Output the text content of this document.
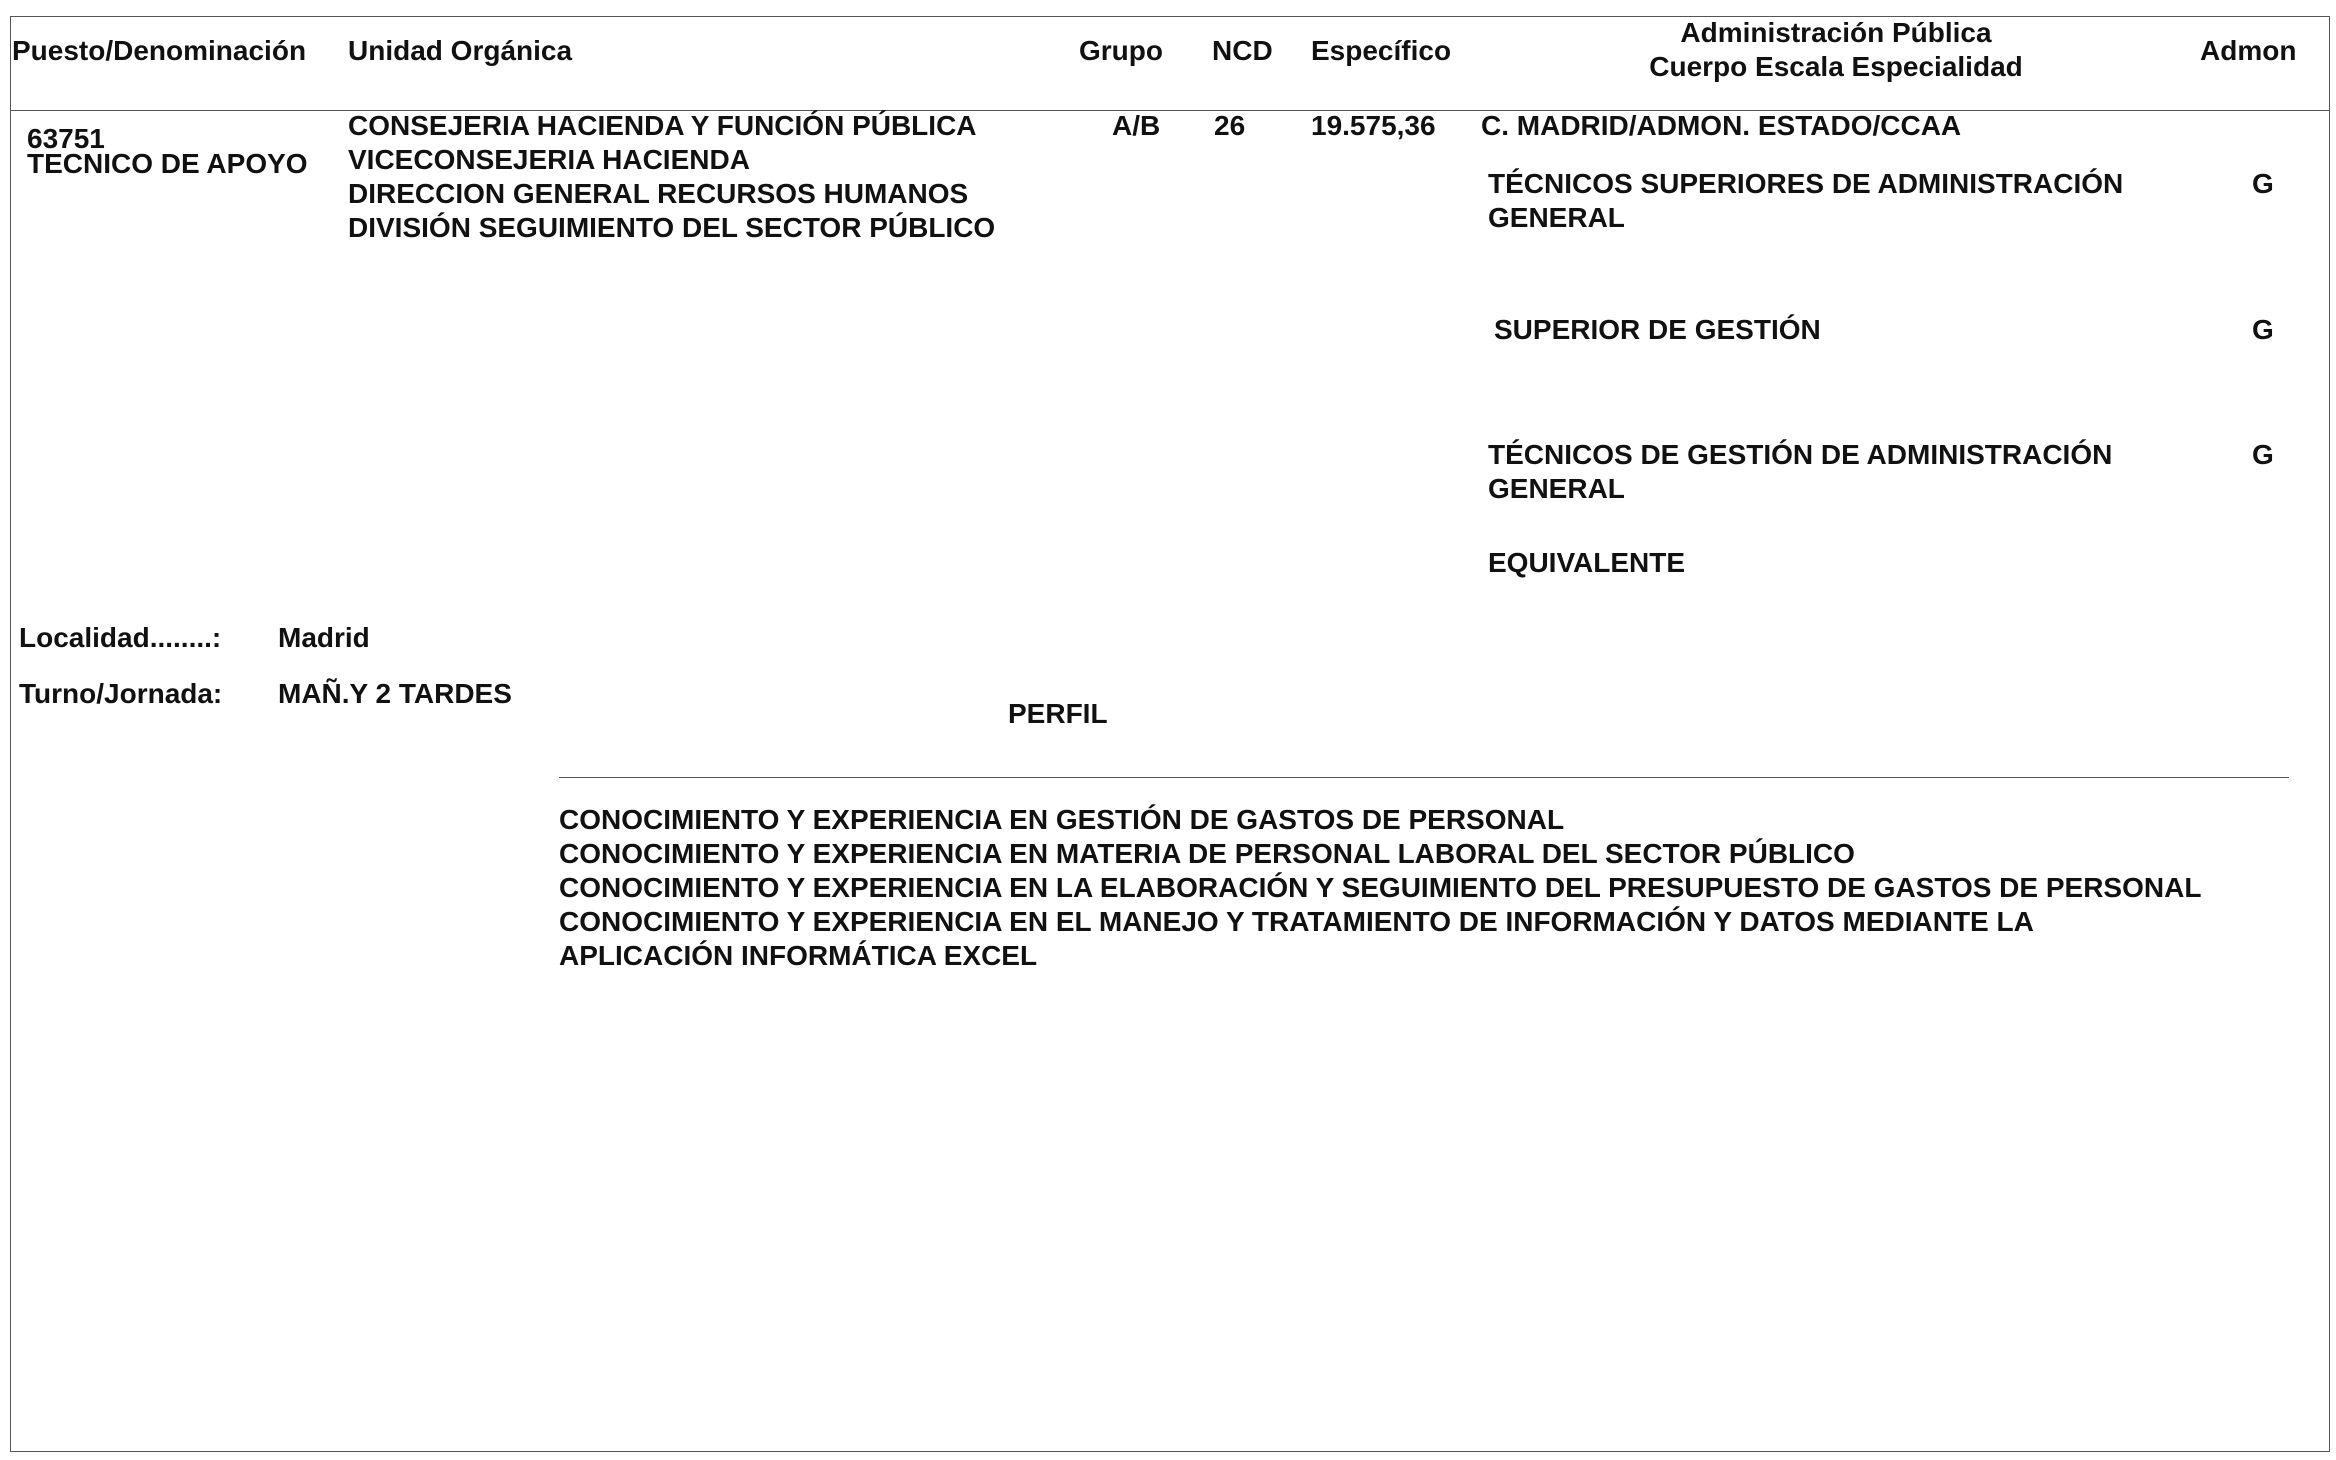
Puesto/Denominación Unidad Orgánica	Grupo NCD Específico
Administración Pública
Cuerpo Escala Especialidad
Admon
63751
TECNICO DE APOYO
CONSEJERIA HACIENDA Y FUNCIÓN PÚBLICA
VICECONSEJERIA HACIENDA
DIRECCION GENERAL RECURSOS HUMANOS
DIVISIÓN SEGUIMIENTO DEL SECTOR PÚBLICO
A/B 26 19.575,36 C. MADRID/ADMON. ESTADO/CCAA
TÉCNICOS SUPERIORES DE ADMINISTRACIÓN
GENERAL
G
SUPERIOR DE GESTIÓN	G
TÉCNICOS DE GESTIÓN DE ADMINISTRACIÓN
GENERAL
G
EQUIVALENTE
Localidad........: Madrid
Turno/Jornada: MAÑ.Y 2 TARDES
PERFIL
CONOCIMIENTO Y EXPERIENCIA EN GESTIÓN DE GASTOS DE PERSONAL
CONOCIMIENTO Y EXPERIENCIA EN MATERIA DE PERSONAL LABORAL DEL SECTOR PÚBLICO
CONOCIMIENTO Y EXPERIENCIA EN LA ELABORACIÓN Y SEGUIMIENTO DEL PRESUPUESTO DE GASTOS DE PERSONAL
CONOCIMIENTO Y EXPERIENCIA EN EL MANEJO Y TRATAMIENTO DE INFORMACIÓN Y DATOS MEDIANTE LA
APLICACIÓN INFORMÁTICA EXCEL
